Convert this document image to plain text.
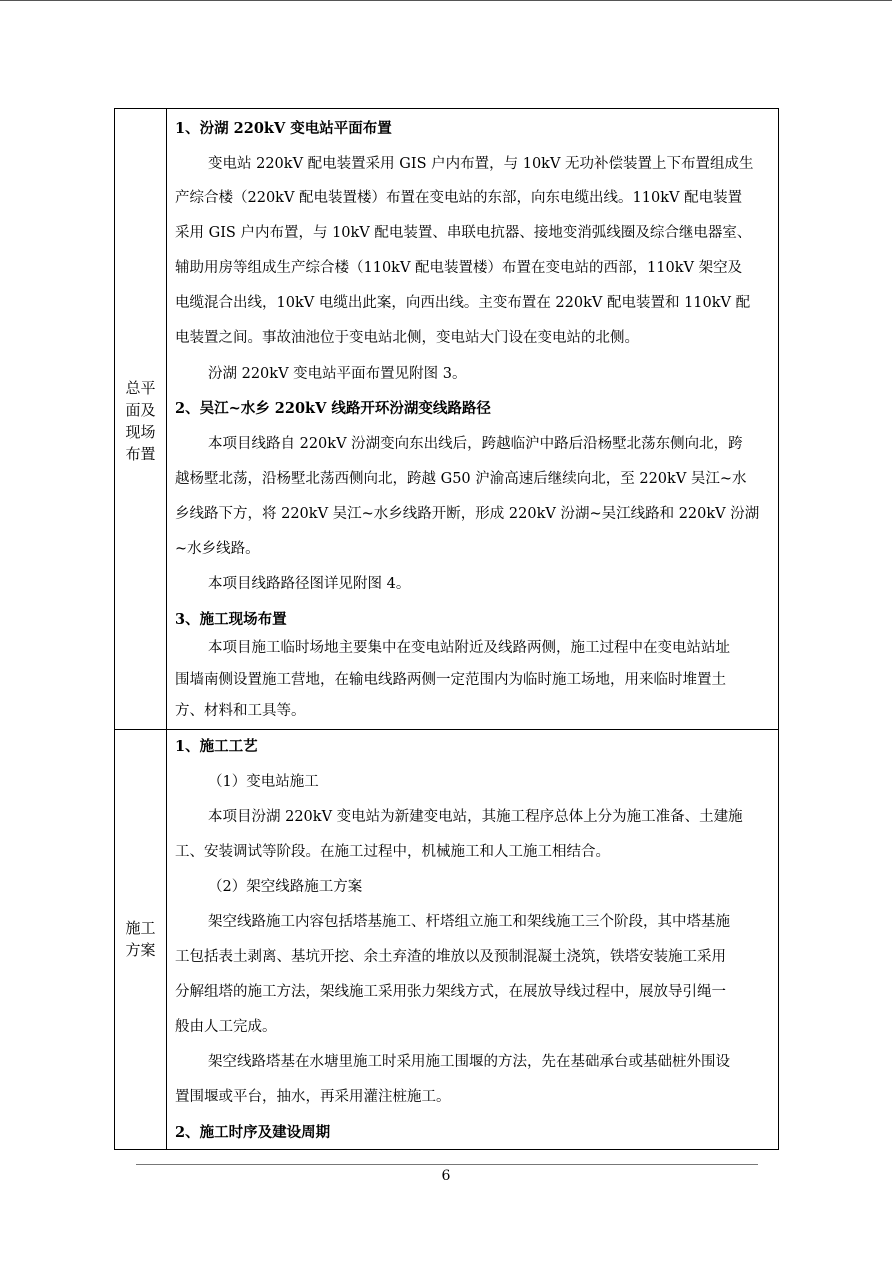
总平
面及
现场
布置
1、汾湖 220kV 变电站平面布置
变电站 220kV 配电装置采用 GIS 户内布置，与 10kV 无功补偿装置上下布置组成生
产综合楼（220kV 配电装置楼）布置在变电站的东部，向东电缆出线。110kV 配电装置
采用 GIS 户内布置，与 10kV 配电装置、串联电抗器、接地变消弧线圈及综合继电器室、
辅助用房等组成生产综合楼（110kV 配电装置楼）布置在变电站的西部，110kV 架空及
电缆混合出线，10kV 电缆出此案，向西出线。主变布置在 220kV 配电装置和 110kV 配
电装置之间。事故油池位于变电站北侧，变电站大门设在变电站的北侧。
汾湖 220kV 变电站平面布置见附图 3。
2、吴江~水乡 220kV 线路开环汾湖变线路路径
本项目线路自 220kV 汾湖变向东出线后，跨越临沪中路后沿杨墅北荡东侧向北，跨
越杨墅北荡，沿杨墅北荡西侧向北，跨越 G50 沪渝高速后继续向北，至 220kV 吴江~水
乡线路下方，将 220kV 吴江~水乡线路开断，形成 220kV 汾湖~吴江线路和 220kV 汾湖
~水乡线路。
本项目线路路径图详见附图 4。
3、施工现场布置
本项目施工临时场地主要集中在变电站附近及线路两侧，施工过程中在变电站站址
围墙南侧设置施工营地，在输电线路两侧一定范围内为临时施工场地，用来临时堆置土
方、材料和工具等。
施工
方案
1、施工工艺
（1）变电站施工
本项目汾湖 220kV 变电站为新建变电站，其施工程序总体上分为施工准备、土建施
工、安装调试等阶段。在施工过程中，机械施工和人工施工相结合。
（2）架空线路施工方案
架空线路施工内容包括塔基施工、杆塔组立施工和架线施工三个阶段，其中塔基施
工包括表土剥离、基坑开挖、余土弃渣的堆放以及预制混凝土浇筑，铁塔安装施工采用
分解组塔的施工方法，架线施工采用张力架线方式，在展放导线过程中，展放导引绳一
般由人工完成。
架空线路塔基在水塘里施工时采用施工围堰的方法，先在基础承台或基础桩外围设
置围堰或平台，抽水，再采用灌注桩施工。
2、施工时序及建设周期
6
